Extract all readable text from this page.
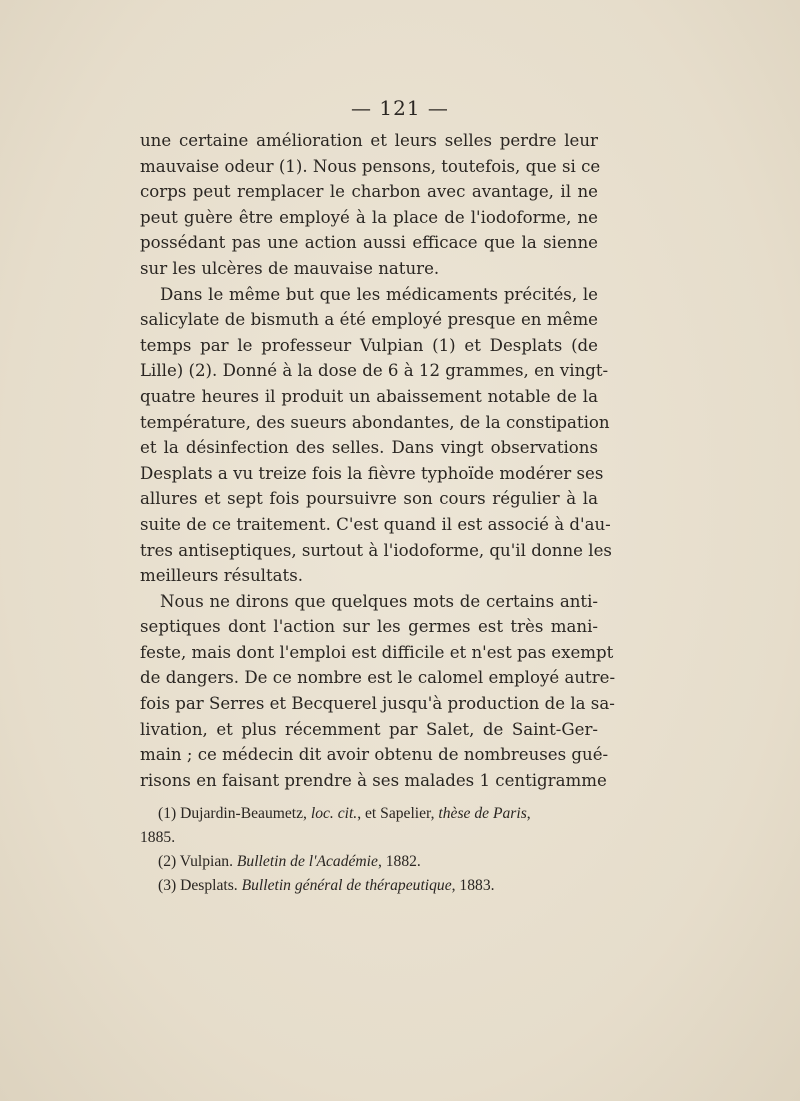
— 121 —
une certaine amélioration et leurs selles perdre leur
mauvaise odeur (1). Nous pensons, toutefois, que si ce
corps peut remplacer le charbon avec avantage, il ne
peut guère être employé à la place de l'iodoforme, ne
possédant pas une action aussi efficace que la sienne
sur les ulcères de mauvaise nature.
Dans le même but que les médicaments précités, le
salicylate de bismuth a été employé presque en même
temps par le professeur Vulpian (1) et Desplats (de
Lille) (2). Donné à la dose de 6 à 12 grammes, en vingt-
quatre heures il produit un abaissement notable de la
température, des sueurs abondantes, de la constipation
et la désinfection des selles. Dans vingt observations
Desplats a vu treize fois la fièvre typhoïde modérer ses
allures et sept fois poursuivre son cours régulier à la
suite de ce traitement. C'est quand il est associé à d'au-
tres antiseptiques, surtout à l'iodoforme, qu'il donne les
meilleurs résultats.
Nous ne dirons que quelques mots de certains anti-
septiques dont l'action sur les germes est très mani-
feste, mais dont l'emploi est difficile et n'est pas exempt
de dangers. De ce nombre est le calomel employé autre-
fois par Serres et Becquerel jusqu'à production de la sa-
livation, et plus récemment par Salet, de Saint-Ger-
main ; ce médecin dit avoir obtenu de nombreuses gué-
risons en faisant prendre à ses malades 1 centigramme
(1) Dujardin-Beaumetz, loc. cit., et Sapelier, thèse de Paris,
1885.
(2) Vulpian. Bulletin de l'Académie, 1882.
(3) Desplats. Bulletin général de thérapeutique, 1883.
